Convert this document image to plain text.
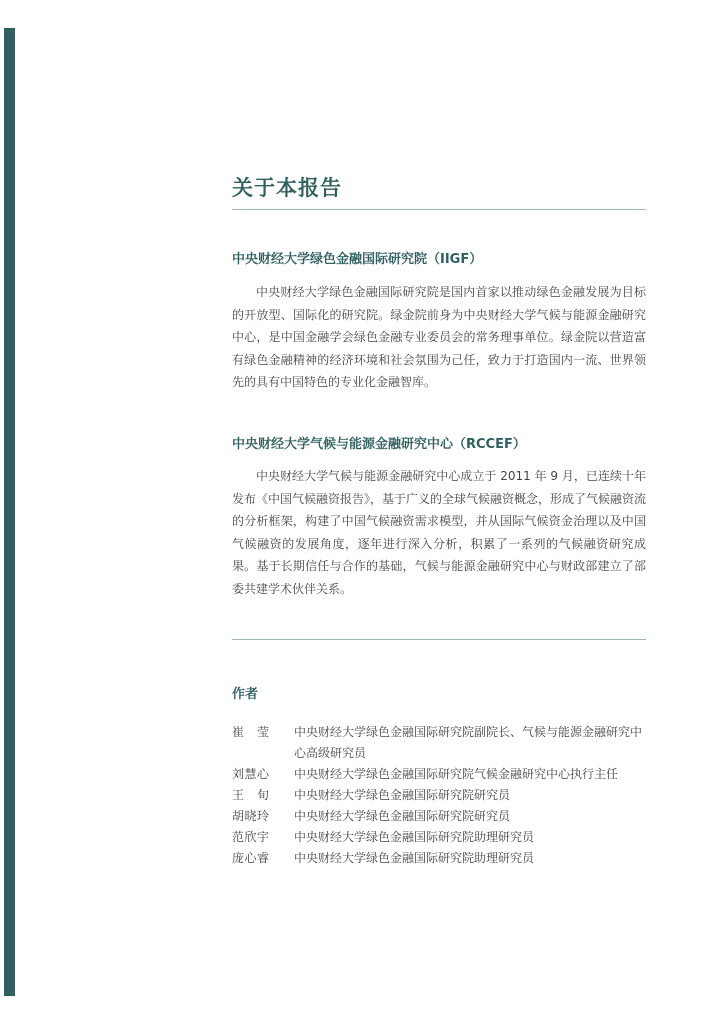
关于本报告
中央财经大学绿色金融国际研究院（IIGF）

中央财经大学绿色金融国际研究院是国内首家以推动绿色金融发展为目标的开放型、国际化的研究院。绿金院前身为中央财经大学气候与能源金融研究中心，是中国金融学会绿色金融专业委员会的常务理事单位。绿金院以营造富有绿色金融精神的经济环境和社会氛围为己任，致力于打造国内一流、世界领先的具有中国特色的专业化金融智库。

中央财经大学气候与能源金融研究中心（RCCEF）

中央财经大学气候与能源金融研究中心成立于 2011 年 9 月，已连续十年发布《中国气候融资报告》，基于广义的全球气候融资概念，形成了气候融资流的分析框架，构建了中国气候融资需求模型，并从国际气候资金治理以及中国气候融资的发展角度，逐年进行深入分析，积累了一系列的气候融资研究成果。基于长期信任与合作的基础，气候与能源金融研究中心与财政部建立了部委共建学术伙伴关系。

作者
崔　莹	中央财经大学绿色金融国际研究院副院长、气候与能源金融研究中心高级研究员
刘慧心	中央财经大学绿色金融国际研究院气候金融研究中心执行主任
王　旬	中央财经大学绿色金融国际研究院研究员
胡晓玲	中央财经大学绿色金融国际研究院研究员
范欣宇	中央财经大学绿色金融国际研究院助理研究员
庞心睿	中央财经大学绿色金融国际研究院助理研究员
